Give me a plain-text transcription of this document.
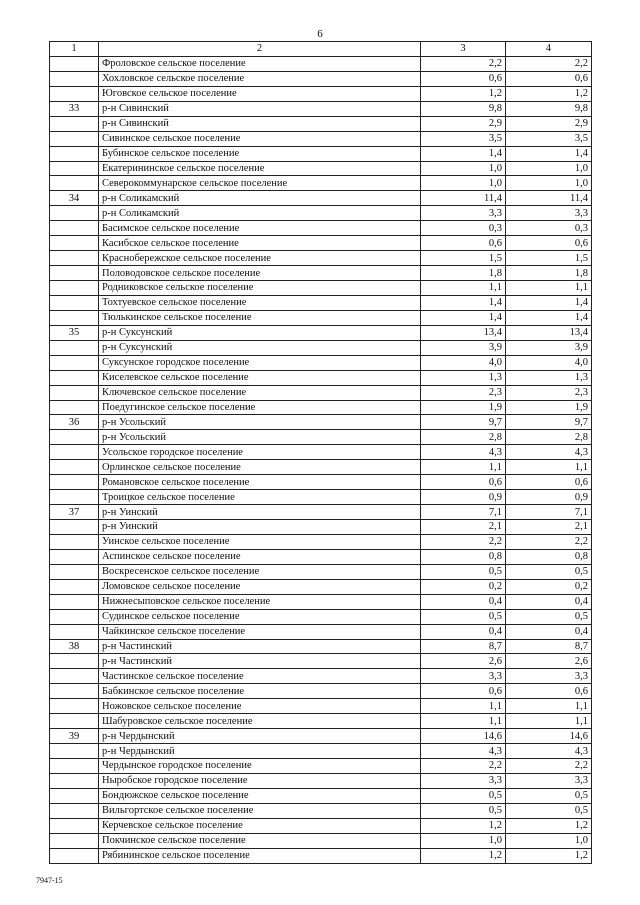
6
1	2	3	4
	Фроловское сельское поселение	2,2	2,2
	Хохловское сельское поселение	0,6	0,6
	Юговское сельское поселение	1,2	1,2
33	р-н Сивинский	9,8	9,8
	р-н Сивинский	2,9	2,9
	Сивинское сельское поселение	3,5	3,5
	Бубинское сельское поселение	1,4	1,4
	Екатерининское сельское поселение	1,0	1,0
	Северокоммунарское сельское поселение	1,0	1,0
34	р-н Соликамский	11,4	11,4
	р-н Соликамский	3,3	3,3
	Басимское сельское поселение	0,3	0,3
	Касибское сельское поселение	0,6	0,6
	Краснобережское сельское поселение	1,5	1,5
	Половодовское сельское поселение	1,8	1,8
	Родниковское сельское поселение	1,1	1,1
	Тохтуевское сельское поселение	1,4	1,4
	Тюлькинское сельское поселение	1,4	1,4
35	р-н Суксунский	13,4	13,4
	р-н Суксунский	3,9	3,9
	Суксунское городское поселение	4,0	4,0
	Киселевское сельское поселение	1,3	1,3
	Ключевское сельское поселение	2,3	2,3
	Поедугинское сельское поселение	1,9	1,9
36	р-н Усольский	9,7	9,7
	р-н Усольский	2,8	2,8
	Усольское городское поселение	4,3	4,3
	Орлинское сельское поселение	1,1	1,1
	Романовское сельское поселение	0,6	0,6
	Троицкое сельское поселение	0,9	0,9
37	р-н Уинский	7,1	7,1
	р-н Уинский	2,1	2,1
	Уинское сельское поселение	2,2	2,2
	Аспинское сельское поселение	0,8	0,8
	Воскресенское сельское поселение	0,5	0,5
	Ломовское сельское поселение	0,2	0,2
	Нижнесыповское сельское поселение	0,4	0,4
	Судинское сельское поселение	0,5	0,5
	Чайкинское сельское поселение	0,4	0,4
38	р-н Частинский	8,7	8,7
	р-н Частинский	2,6	2,6
	Частинское сельское поселение	3,3	3,3
	Бабкинское сельское поселение	0,6	0,6
	Ножовское сельское поселение	1,1	1,1
	Шабуровское сельское поселение	1,1	1,1
39	р-н Чердынский	14,6	14,6
	р-н Чердынский	4,3	4,3
	Чердынское городское поселение	2,2	2,2
	Ныробское городское поселение	3,3	3,3
	Бондюжское сельское поселение	0,5	0,5
	Вильгортское сельское поселение	0,5	0,5
	Керчевское сельское поселение	1,2	1,2
	Покчинское сельское поселение	1,0	1,0
	Рябининское сельское поселение	1,2	1,2
7947-15
